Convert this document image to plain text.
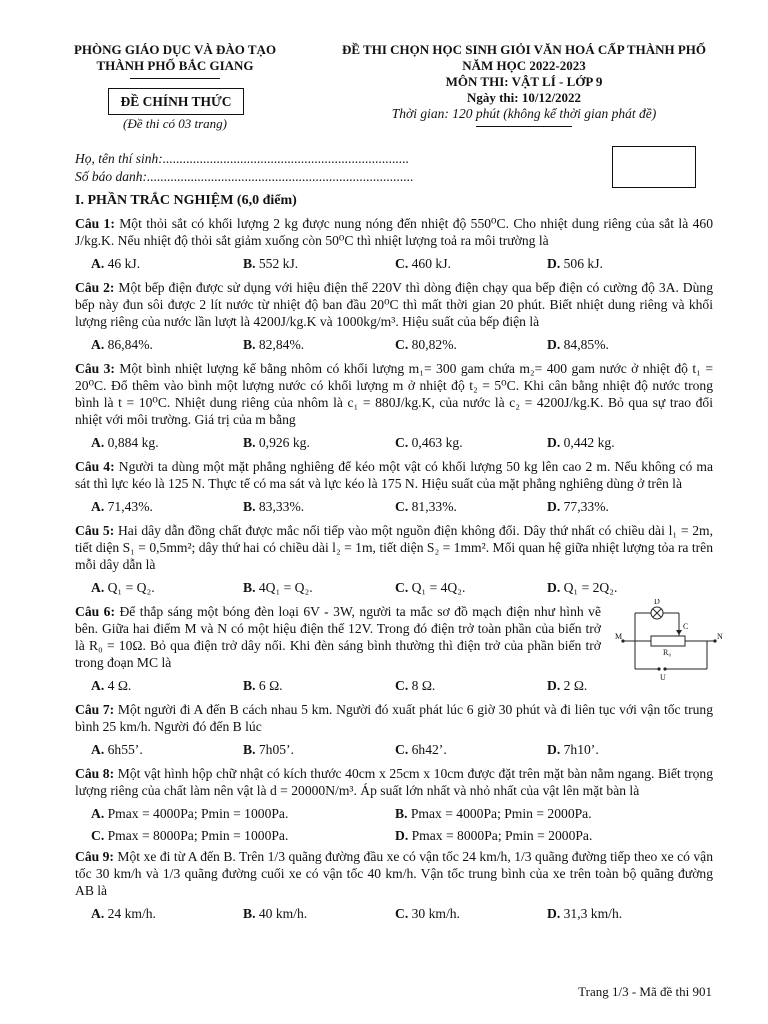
PHÒNG GIÁO DỤC VÀ ĐÀO TẠO
THÀNH PHỐ BẮC GIANG
ĐỀ CHÍNH THỨC
(Đề thi có 03 trang)
ĐỀ THI CHỌN HỌC SINH GIỎI VĂN HOÁ CẤP THÀNH PHỐ
NĂM HỌC 2022-2023
MÔN THI: VẬT LÍ - LỚP 9
Ngày thi: 10/12/2022
Thời gian: 120 phút (không kể thời gian phát đề)
Họ, tên thí sinh:.........................................................................
Số báo danh:...............................................................................
I. PHẦN TRẮC NGHIỆM (6,0 điểm)
Câu 1: Một thỏi sắt có khối lượng 2 kg được nung nóng đến nhiệt độ 550⁰C. Cho nhiệt dung riêng của sắt là 460 J/kg.K. Nếu nhiệt độ thỏi sắt giảm xuống còn 50⁰C thì nhiệt lượng toả ra môi trường là
A. 46 kJ.	B. 552 kJ.	C. 460 kJ.	D. 506 kJ.
Câu 2: Một bếp điện được sử dụng với hiệu điện thế 220V thì dòng điện chạy qua bếp điện có cường độ 3A. Dùng bếp này đun sôi được 2 lít nước từ nhiệt độ ban đầu 20⁰C thì mất thời gian 20 phút. Biết nhiệt dung riêng và khối lượng riêng của nước lần lượt là 4200J/kg.K và 1000kg/m³. Hiệu suất của bếp điện là
A. 86,84%.	B. 82,84%.	C. 80,82%.	D. 84,85%.
Câu 3: Một bình nhiệt lượng kế bằng nhôm có khối lượng m₁= 300 gam chứa m₂= 400 gam nước ở nhiệt độ t₁ = 20⁰C. Đổ thêm vào bình một lượng nước có khối lượng m ở nhiệt độ t₂ = 5⁰C. Khi cân bằng nhiệt độ nước trong bình là t = 10⁰C. Nhiệt dung riêng của nhôm là c₁ = 880J/kg.K, của nước là c₂ = 4200J/kg.K. Bỏ qua sự trao đổi nhiệt với môi trường. Giá trị của m bằng
A. 0,884 kg.	B. 0,926 kg.	C. 0,463 kg.	D. 0,442 kg.
Câu 4: Người ta dùng một mặt phẳng nghiêng để kéo một vật có khối lượng 50 kg lên cao 2 m. Nếu không có ma sát thì lực kéo là 125 N. Thực tế có ma sát và lực kéo là 175 N. Hiệu suất của mặt phẳng nghiêng dùng ở trên là
A. 71,43%.	B. 83,33%.	C. 81,33%.	D. 77,33%.
Câu 5: Hai dây dẫn đồng chất được mắc nối tiếp vào một nguồn điện không đổi. Dây thứ nhất có chiều dài l₁ = 2m, tiết diện S₁ = 0,5mm²; dây thứ hai có chiều dài l₂ = 1m, tiết diện S₂ = 1mm². Mối quan hệ giữa nhiệt lượng tỏa ra trên mỗi dây dẫn là
A. Q₁ = Q₂.	B. 4Q₁ = Q₂.	C. Q₁ = 4Q₂.	D. Q₁ = 2Q₂.
Câu 6: Để thắp sáng một bóng đèn loại 6V - 3W, người ta mắc sơ đồ mạch điện như hình vẽ bên. Giữa hai điểm M và N có một hiệu điện thế 12V. Trong đó điện trở toàn phần của biến trở là R₀ = 10Ω. Bỏ qua điện trở dây nối. Khi đèn sáng bình thường thì điện trở của phần biến trở trong đoạn MC là
D
C
M	N
R₀
U
A. 4 Ω.	B. 6 Ω.	C. 8 Ω.	D. 2 Ω.
Câu 7: Một người đi A đến B cách nhau 5 km. Người đó xuất phát lúc 6 giờ 30 phút và đi liên tục với vận tốc trung bình 25 km/h. Người đó đến B lúc
A. 6h55’.	B. 7h05’.	C. 6h42’.	D. 7h10’.
Câu 8: Một vật hình hộp chữ nhật có kích thước 40cm x 25cm x 10cm được đặt trên mặt bàn nằm ngang. Biết trọng lượng riêng của chất làm nên vật là d = 20000N/m³. Áp suất lớn nhất và nhỏ nhất của vật lên mặt bàn là
A. Pmax = 4000Pa; Pmin = 1000Pa.	B. Pmax = 4000Pa; Pmin = 2000Pa.
C. Pmax = 8000Pa; Pmin = 1000Pa.	D. Pmax = 8000Pa; Pmin = 2000Pa.
Câu 9: Một xe đi từ A đến B. Trên 1/3 quãng đường đầu xe có vận tốc 24 km/h, 1/3 quãng đường tiếp theo xe có vận tốc 30 km/h và 1/3 quãng đường cuối xe có vận tốc 40 km/h. Vận tốc trung bình của xe trên toàn bộ quãng đường AB là
A. 24 km/h.	B. 40 km/h.	C. 30 km/h.	D. 31,3 km/h.
Trang 1/3 - Mã đề thi 901
